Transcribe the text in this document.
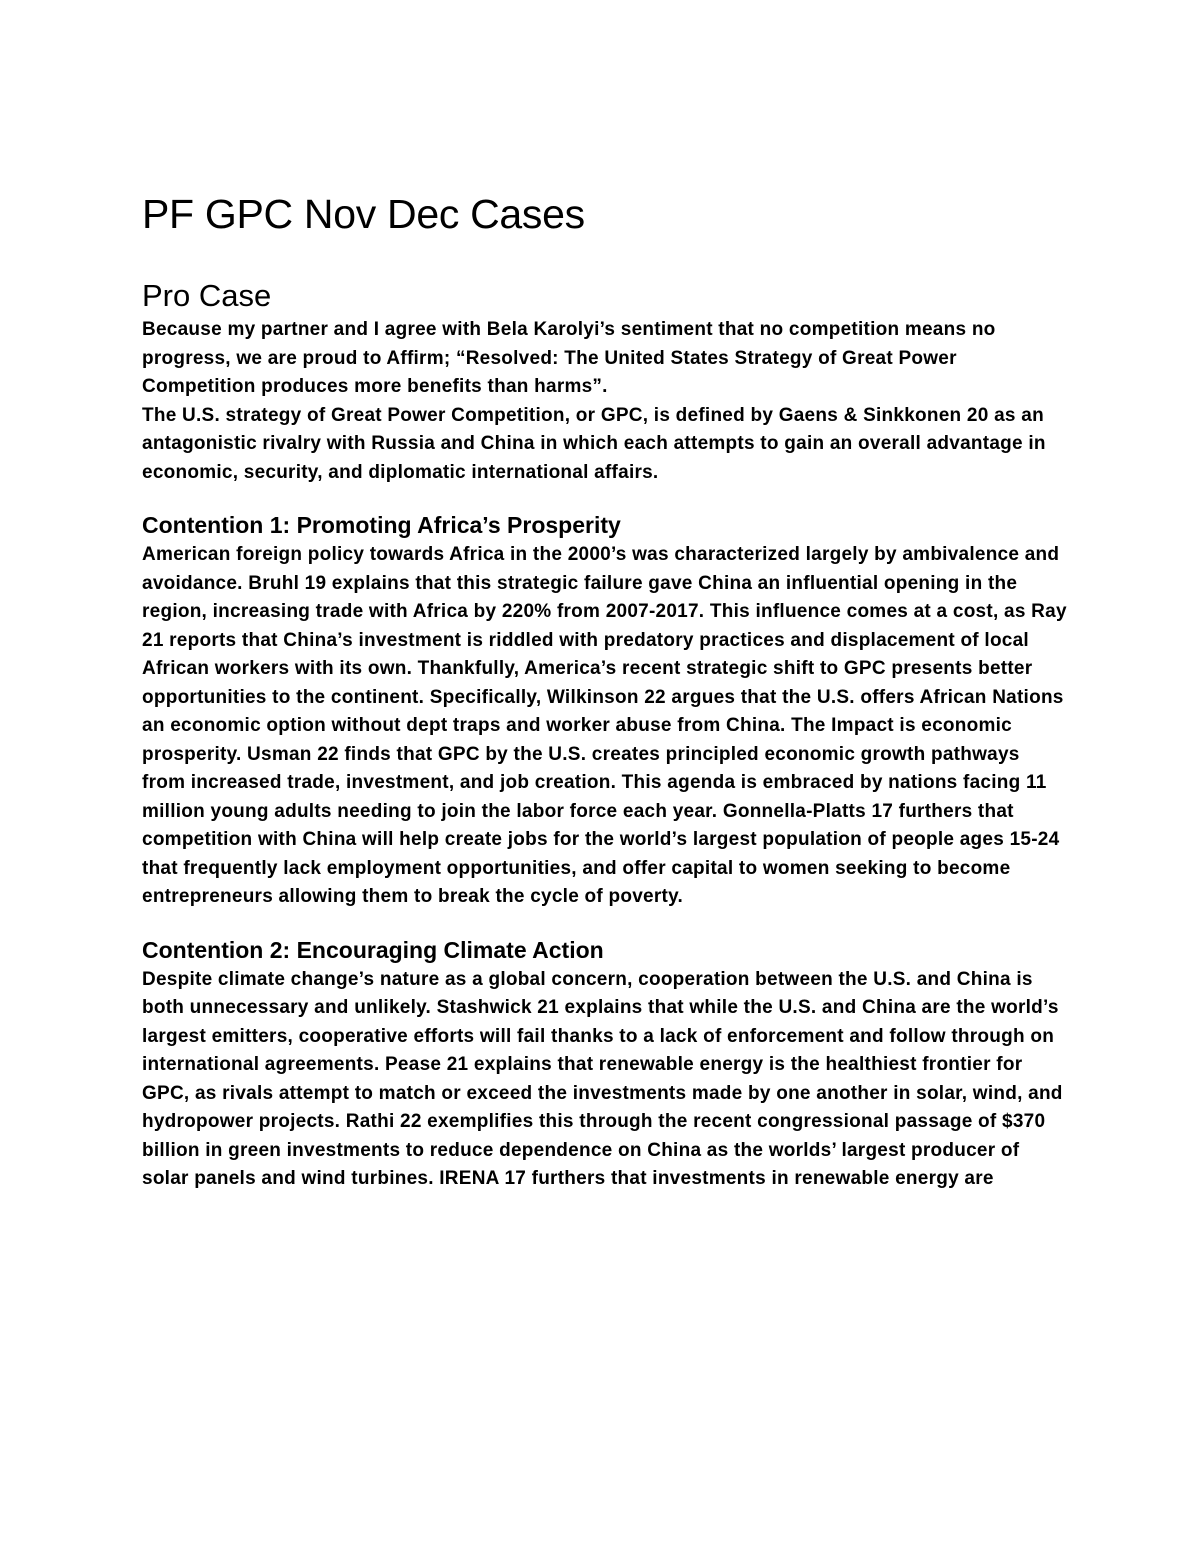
PF GPC Nov Dec Cases
Pro Case

Because my partner and I agree with Bela Karolyi’s sentiment that no competition means no progress, we are proud to Affirm; “Resolved: The United States Strategy of Great Power Competition produces more benefits than harms”.

The U.S. strategy of Great Power Competition, or GPC, is defined by Gaens & Sinkkonen 20 as an antagonistic rivalry with Russia and China in which each attempts to gain an overall advantage in economic, security, and diplomatic international affairs.

Contention 1: Promoting Africa’s Prosperity

American foreign policy towards Africa in the 2000’s was characterized largely by ambivalence and avoidance. Bruhl 19 explains that this strategic failure gave China an influential opening in the region, increasing trade with Africa by 220% from 2007-2017. This influence comes at a cost, as Ray 21 reports that China’s investment is riddled with predatory practices and displacement of local African workers with its own. Thankfully, America’s recent strategic shift to GPC presents better opportunities to the continent. Specifically, Wilkinson 22 argues that the U.S. offers African Nations an economic option without dept traps and worker abuse from China. The Impact is economic prosperity. Usman 22 finds that GPC by the U.S. creates principled economic growth pathways from increased trade, investment, and job creation. This agenda is embraced by nations facing 11 million young adults needing to join the labor force each year. Gonnella-Platts 17 furthers that competition with China will help create jobs for the world’s largest population of people ages 15-24 that frequently lack employment opportunities, and offer capital to women seeking to become entrepreneurs allowing them to break the cycle of poverty.

Contention 2: Encouraging Climate Action

Despite climate change’s nature as a global concern, cooperation between the U.S. and China is both unnecessary and unlikely. Stashwick 21 explains that while the U.S. and China are the world’s largest emitters, cooperative efforts will fail thanks to a lack of enforcement and follow through on international agreements. Pease 21 explains that renewable energy is the healthiest frontier for GPC, as rivals attempt to match or exceed the investments made by one another in solar, wind, and hydropower projects. Rathi 22 exemplifies this through the recent congressional passage of $370 billion in green investments to reduce dependence on China as the worlds’ largest producer of solar panels and wind turbines. IRENA 17 furthers that investments in renewable energy are
